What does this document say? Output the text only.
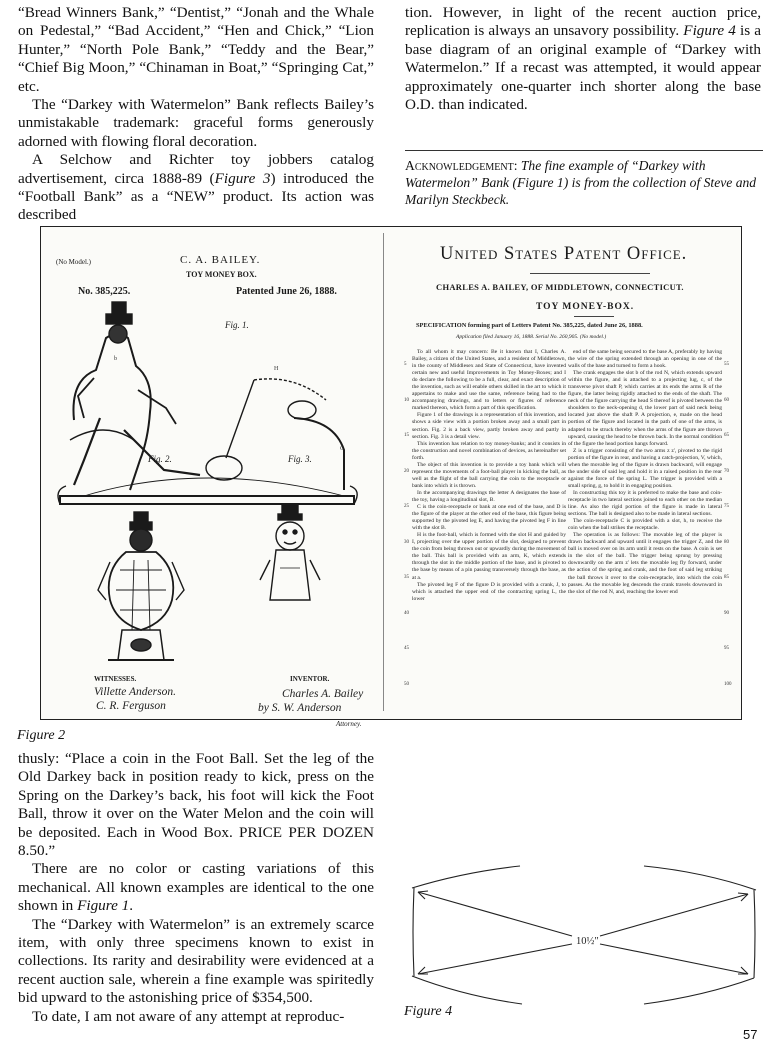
“Bread Winners Bank,” “Dentist,” “Jonah and the Whale on Pedestal,” “Bad Accident,” “Hen and Chick,” “Lion Hunter,” “North Pole Bank,” “Teddy and the Bear,” “Chief Big Moon,” “Chinaman in Boat,” “Springing Cat,” etc.

The “Darkey with Watermelon” Bank reflects Bailey’s unmistakable trademark: graceful forms generously adorned with flowing floral decoration.

A Selchow and Richter toy jobbers catalog advertisement, circa 1888-89 (Figure 3) introduced the “Football Bank” as a “NEW” product. Its action was described

tion. However, in light of the recent auction price, replication is always an unsavory possibility. Figure 4 is a base diagram of an original example of “Darkey with Watermelon.” If a recast was attempted, it would appear approximately one-quarter inch shorter along the base O.D. than indicated.

Acknowledgement: The fine example of “Darkey with Watermelon” Bank (Figure 1) is from the collection of Steve and Marilyn Steckbeck.
(No Model.)	C. A. BAILEY.
TOY MONEY BOX.
No. 385,225.	Patented June 26, 1888.
Fig. 1.
Fig. 2.	Fig. 3.
b
H
C
WITNESSES.	INVENTOR.
Villette Anderson.
C. R. Ferguson
Charles A. Bailey
by S. W. Anderson
Attorney.
United States Patent Office.
CHARLES A. BAILEY, OF MIDDLETOWN, CONNECTICUT.
TOY MONEY-BOX.
SPECIFICATION forming part of Letters Patent No. 385,225, dated June 26, 1888.
Application filed January 16, 1888. Serial No. 260,905. (No model.)

To all whom it may concern: Be it known that I, Charles A. Bailey, a citizen of the United States, and a resident of Middletown, in the county of Middlesex and State of Connecticut, have invented certain new and useful Improvements in Toy Money-Boxes; and I do declare the following to be a full, clear, and exact description of the invention, such as will enable others skilled in the art to which it appertains to make and use the same, reference being had to the accompanying drawings, and to letters or figures of reference marked thereon, which form a part of this specification.

Figure 1 of the drawings is a representation of this invention, and shows a side view with a portion broken away and a small part in section. Fig. 2 is a back view, partly broken away and partly in section. Fig. 3 is a detail view.

This invention has relation to toy money-banks; and it consists in the construction and novel combination of devices, as hereinafter set forth.

The object of this invention is to provide a toy bank which will represent the movements of a foot-ball player in kicking the ball, as well as the flight of the ball carrying the coin to the receptacle or bank into which it is thrown.

In the accompanying drawings the letter A designates the base of the toy, having a longitudinal slot, B.

C is the coin-receptacle or bank at one end of the base, and D is the figure of the player at the other end of the base, this figure being supported by the pivoted leg E, and having the pivoted leg F in line with the slot B.

H is the foot-ball, which is formed with the slot H and guided by I, projecting over the upper portion of the slot, designed to prevent the coin from being thrown out or upwardly during the movement of the ball. This ball is provided with an arm, K, which extends through the slot in the middle portion of the base, and is pivoted to the base by means of a pin passing transversely through the base, as at a.

The pivoted leg F of the figure D is provided with a crank, J, to which is attached the upper end of the contracting spring L, the lower

end of the same being secured to the base A, preferably by having the wire of the spring extended through an opening in one of the walls of the base and turned to form a hook.

The crank engages the slot b of the rod N, which extends upward within the figure, and is attached to a projecting lug, c, of the transverse pivot shaft P, which carries at its ends the arms R of the figure, the latter being rigidly attached to the ends of the shaft. The neck of the figure carrying the head S thereof is pivoted between the shoulders to the neck-opening d, the lower part of said neck being located just above the shaft P. A projection, e, made on the head portion of the figure and located in the path of one of the arms, is adapted to be struck thereby when the arms of the figure are thrown upward, causing the head to be thrown back. In the normal condition of the figure the head portion hangs forward.

Z is a trigger consisting of the two arms z z', pivoted to the rigid portion of the figure in rear, and having a catch-projection, V, which, when the movable leg of the figure is drawn backward, will engage the under side of said leg and hold it in a raised position in the rear against the force of the spring L. The trigger is provided with a small spring, g, to hold it in engaging position.

In constructing this toy it is preferred to make the base and coin-receptacle in two lateral sections joined to each other on the median line. As also the rigid portion of the figure is made in lateral sections. The ball is designed also to be made in lateral sections.

The coin-receptacle C is provided with a slot, h, to receive the coin when the ball strikes the receptacle.

The operation is as follows: The movable leg of the player is drawn backward and upward until it engages the trigger Z, and the ball is moved over on its arm until it rests on the base. A coin is set in the slot of the ball. The trigger being sprung by pressing downwardly on the arm z' lets the movable leg fly forward, under the action of the spring and crank, and the foot of said leg striking the ball throws it over to the coin-receptacle, into which the coin passes. As the movable leg descends the crank travels downward in the slot of the rod N, and, reaching the lower end

5
10
15
20
25
30
35
40
45
50
55
60
65
70
75
80
85
90
95
100
Figure 2

thusly: “Place a coin in the Foot Ball. Set the leg of the Old Darkey back in position ready to kick, press on the Spring on the Darkey’s back, his foot will kick the Foot Ball, throw it over on the Water Melon and the coin will be deposited. Each in Wood Box. PRICE PER DOZEN 8.50.”

There are no color or casting variations of this mechanical. All known examples are identical to the one shown in Figure 1.

The “Darkey with Watermelon” is an extremely scarce item, with only three specimens known to exist in collections. Its rarity and desirability were evidenced at a recent auction sale, wherein a fine example was spiritedly bid upward to the astonishing price of $354,500.

To date, I am not aware of any attempt at reproduc-

10½″
Figure 4
57
